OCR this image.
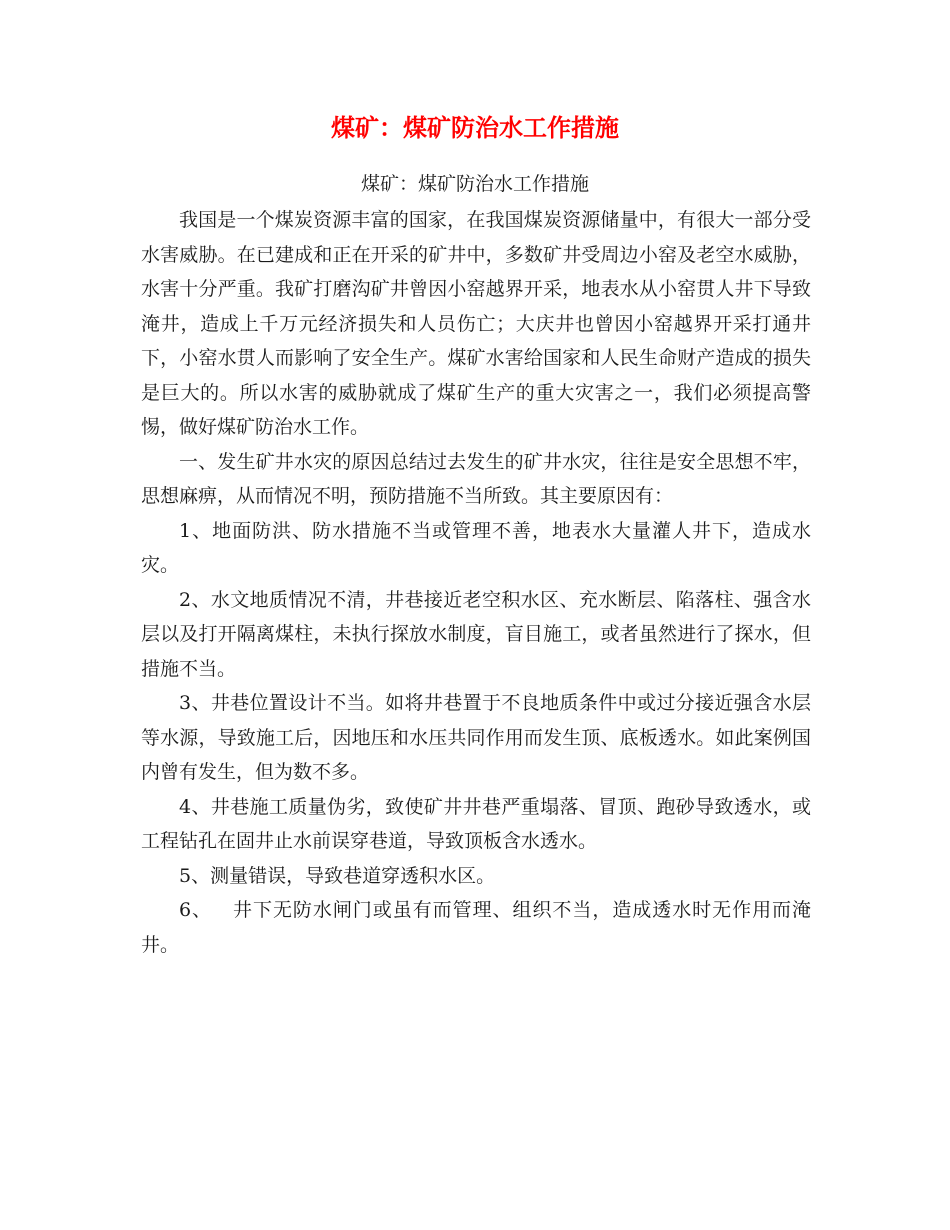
煤矿：煤矿防治水工作措施
煤矿：煤矿防治水工作措施

我国是一个煤炭资源丰富的国家，在我国煤炭资源储量中，有很大一部分受水害威胁。在已建成和正在开采的矿井中，多数矿井受周边小窑及老空水威胁，水害十分严重。我矿打磨沟矿井曾因小窑越界开采，地表水从小窑贯人井下导致淹井，造成上千万元经济损失和人员伤亡；大庆井也曾因小窑越界开采打通井下，小窑水贯人而影响了安全生产。煤矿水害给国家和人民生命财产造成的损失是巨大的。所以水害的威胁就成了煤矿生产的重大灾害之一，我们必须提高警惕，做好煤矿防治水工作。

一、发生矿井水灾的原因总结过去发生的矿井水灾，往往是安全思想不牢，思想麻痹，从而情况不明，预防措施不当所致。其主要原因有：

1、地面防洪、防水措施不当或管理不善，地表水大量灌人井下，造成水灾。

2、水文地质情况不清，井巷接近老空积水区、充水断层、陷落柱、强含水层以及打开隔离煤柱，未执行探放水制度，盲目施工，或者虽然进行了探水，但措施不当。

3、井巷位置设计不当。如将井巷置于不良地质条件中或过分接近强含水层等水源，导致施工后，因地压和水压共同作用而发生顶、底板透水。如此案例国内曾有发生，但为数不多。

4、井巷施工质量伪劣，致使矿井井巷严重塌落、冒顶、跑砂导致透水，或工程钻孔在固井止水前误穿巷道，导致顶板含水透水。

5、测量错误，导致巷道穿透积水区。

6、   井下无防水闸门或虽有而管理、组织不当，造成透水时无作用而淹井。
